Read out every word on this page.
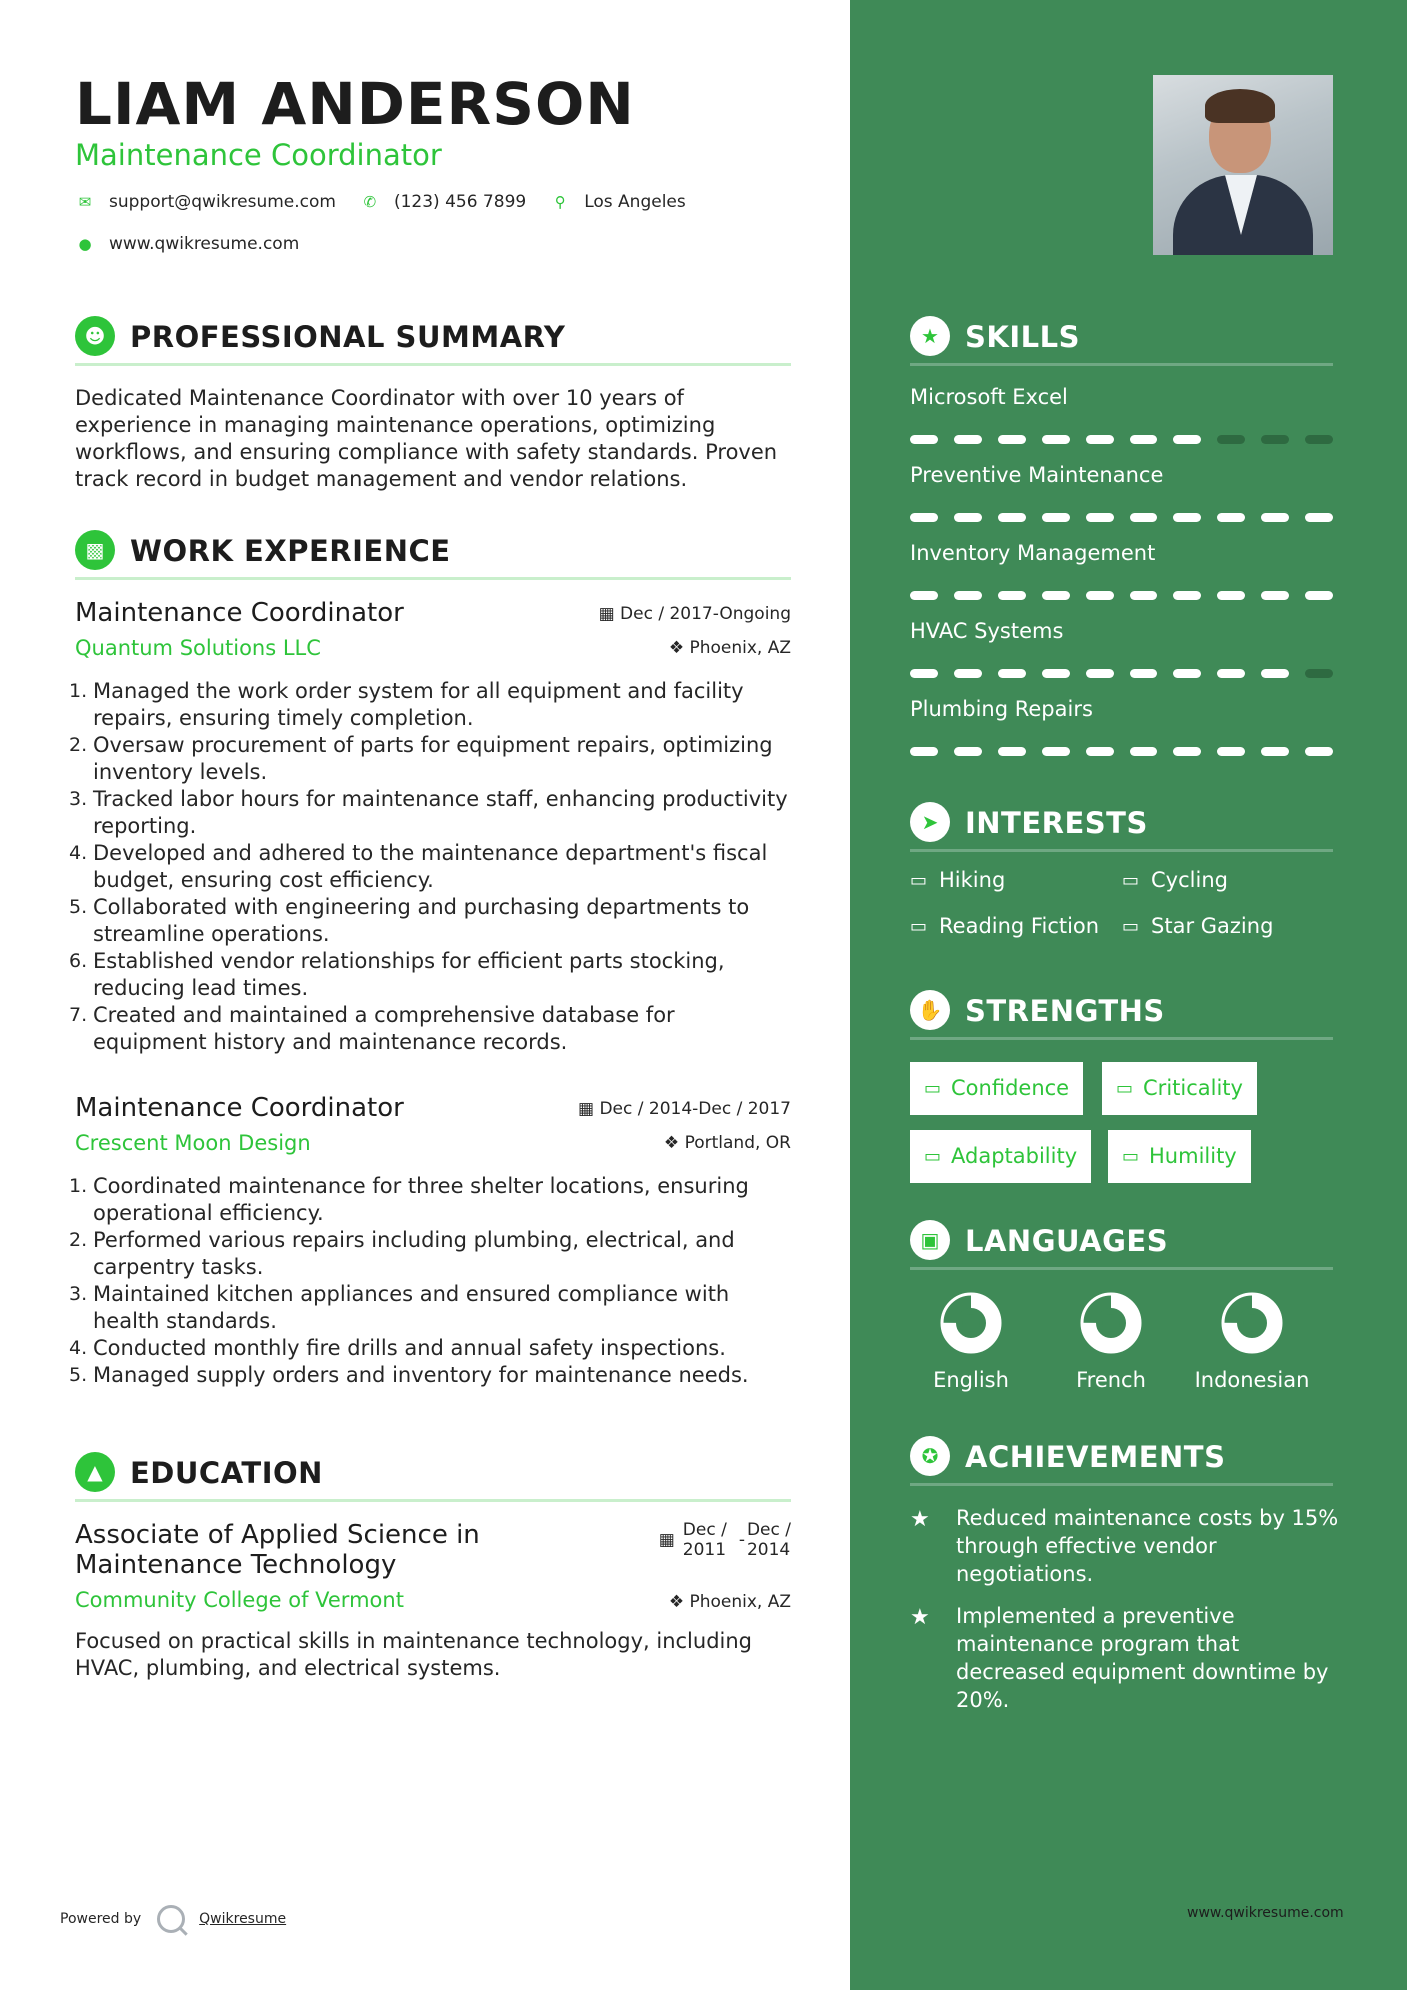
LIAM ANDERSON
Maintenance Coordinator
✉ support@qwikresume.com ✆ (123) 456 7899	⚲ Los Angeles
● www.qwikresume.com
☻ PROFESSIONAL SUMMARY
Dedicated Maintenance Coordinator with over 10 years of experience in managing maintenance operations, optimizing workflows, and ensuring compliance with safety standards. Proven track record in budget management and vendor relations.
▩ WORK EXPERIENCE
Maintenance Coordinator
Quantum Solutions LLC
▦ Dec / 2017-Ongoing
❖ Phoenix, AZ
1. Managed the work order system for all equipment and facility repairs, ensuring timely completion.
2. Oversaw procurement of parts for equipment repairs, optimizing inventory levels.
3. Tracked labor hours for maintenance staff, enhancing productivity reporting.
4. Developed and adhered to the maintenance department's fiscal budget, ensuring cost efficiency.
5. Collaborated with engineering and purchasing departments to streamline operations.
6. Established vendor relationships for efficient parts stocking, reducing lead times.
7. Created and maintained a comprehensive database for equipment history and maintenance records.
Maintenance Coordinator
Crescent Moon Design
▦ Dec / 2014-Dec / 2017
❖ Portland, OR
1. Coordinated maintenance for three shelter locations, ensuring operational efficiency.
2. Performed various repairs including plumbing, electrical, and carpentry tasks.
3. Maintained kitchen appliances and ensured compliance with health standards.
4. Conducted monthly fire drills and annual safety inspections.
5. Managed supply orders and inventory for maintenance needs.
▲ EDUCATION
Associate of Applied Science in
Maintenance Technology
Community College of Vermont
▦ Dec /
2011 - Dec /
2014
❖ Phoenix, AZ
Focused on practical skills in maintenance technology, including HVAC, plumbing, and electrical systems.
Powered by	Qwikresume
★ SKILLS
Microsoft Excel
Preventive Maintenance
Inventory Management
HVAC Systems
Plumbing Repairs
➤ INTERESTS
▭ Hiking	▭ Cycling
▭ Reading Fiction ▭ Star Gazing
✋ STRENGTHS
▭ Confidence	▭ Criticality
▭ Adaptability ▭ Humility
▣ LANGUAGES
English	French	Indonesian
✪ ACHIEVEMENTS
★ Reduced maintenance costs by 15% through effective vendor negotiations.
★ Implemented a preventive maintenance program that decreased equipment downtime by 20%.
www.qwikresume.com
